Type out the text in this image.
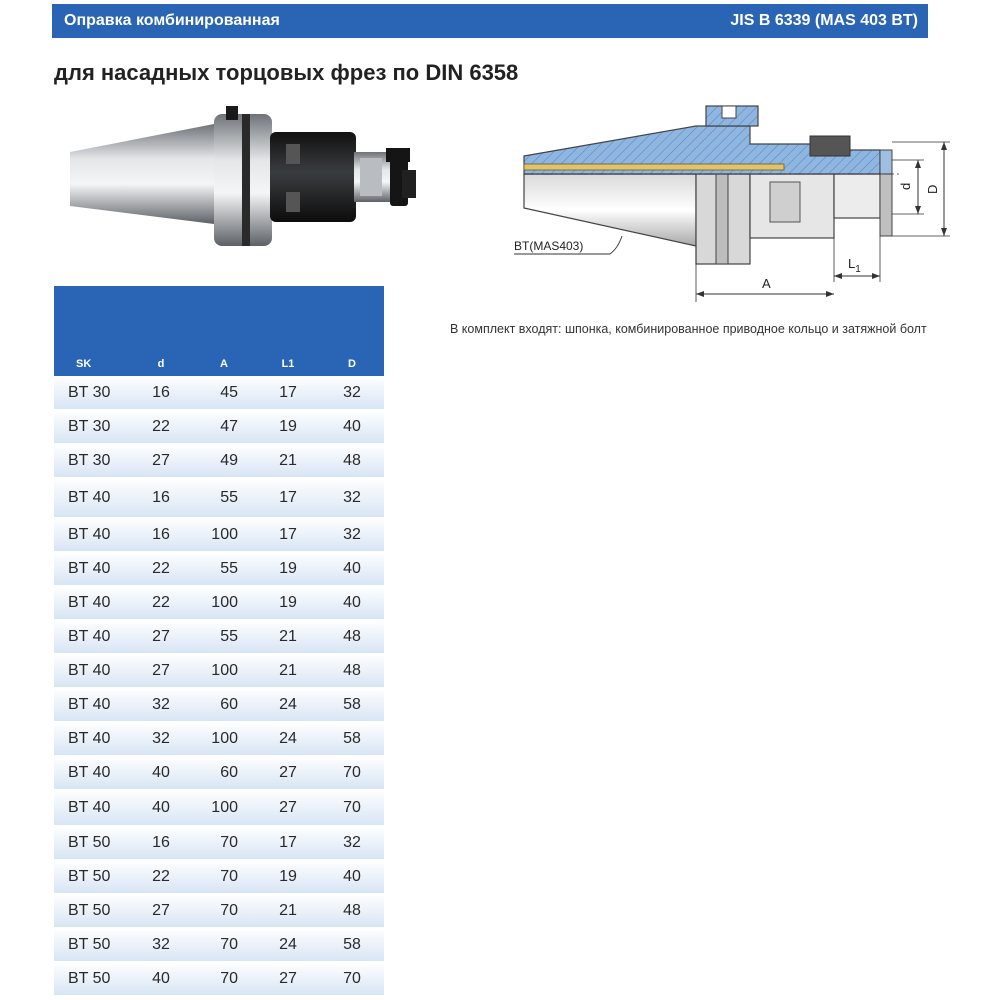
Оправка комбинированная	JIS B 6339 (MAS 403 BT)
для насадных торцовых фрез по DIN 6358
d D
$L_1$
A
BT(MAS403)

В комплект входят: шпонка, комбинированное приводное кольцо и затяжной болт

SK	d	A	L1	D
BT 30	16	45	17	32
BT 30	22	47	19	40
BT 30	27	49	21	48
BT 40	16	55	17	32
BT 40	16	100	17	32
BT 40	22	55	19	40
BT 40	22	100	19	40
BT 40	27	55	21	48
BT 40	27	100	21	48
BT 40	32	60	24	58
BT 40	32	100	24	58
BT 40	40	60	27	70
BT 40	40	100	27	70
BT 50	16	70	17	32
BT 50	22	70	19	40
BT 50	27	70	21	48
BT 50	32	70	24	58
BT 50	40	70	27	70
